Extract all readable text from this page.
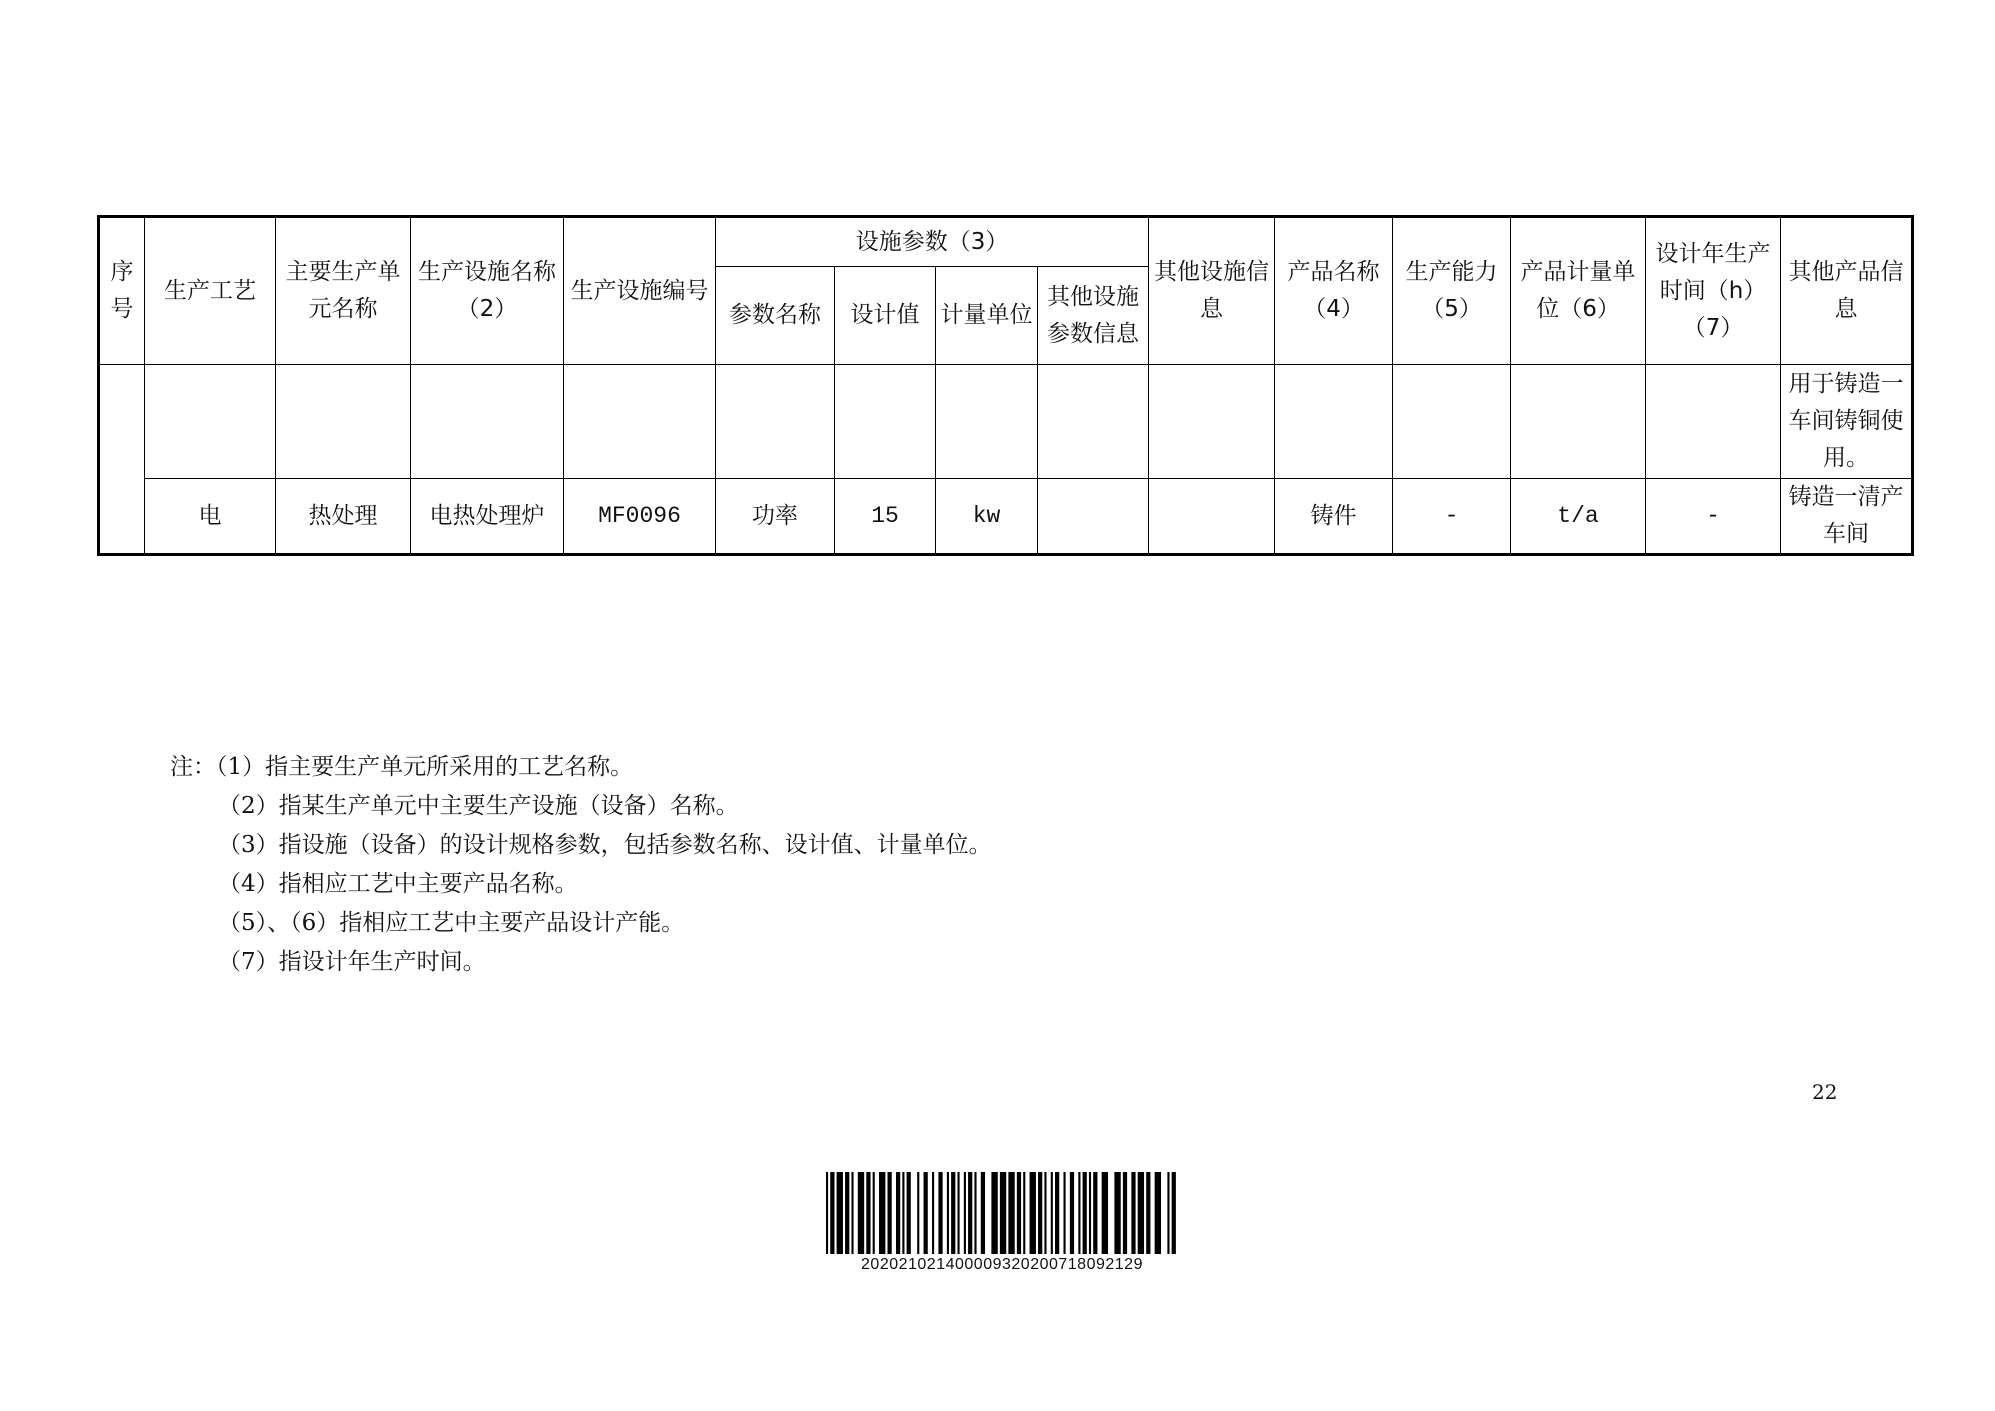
序号	生产工艺	主要生产单元名称	生产设施名称（2）	生产设施编号	设施参数（3）				其他设施信息	产品名称（4）	生产能力（5）	产品计量单位（6）	设计年生产时间（h）（7）	其他产品信息
					参数名称	设计值	计量单位	其他设施参数信息						
														用于铸造一车间铸铜使用。
	电	热处理	电热处理炉	MF0096	功率	15	kw			铸件	-	t/a	-	铸造一清产车间
注：（1）指主要生产单元所采用的工艺名称。
（2）指某生产单元中主要生产设施（设备）名称。
（3）指设施（设备）的设计规格参数，包括参数名称、设计值、计量单位。
（4）指相应工艺中主要产品名称。
（5）、（6）指相应工艺中主要产品设计产能。
（7）指设计年生产时间。
22
202021021400009320200718092129
